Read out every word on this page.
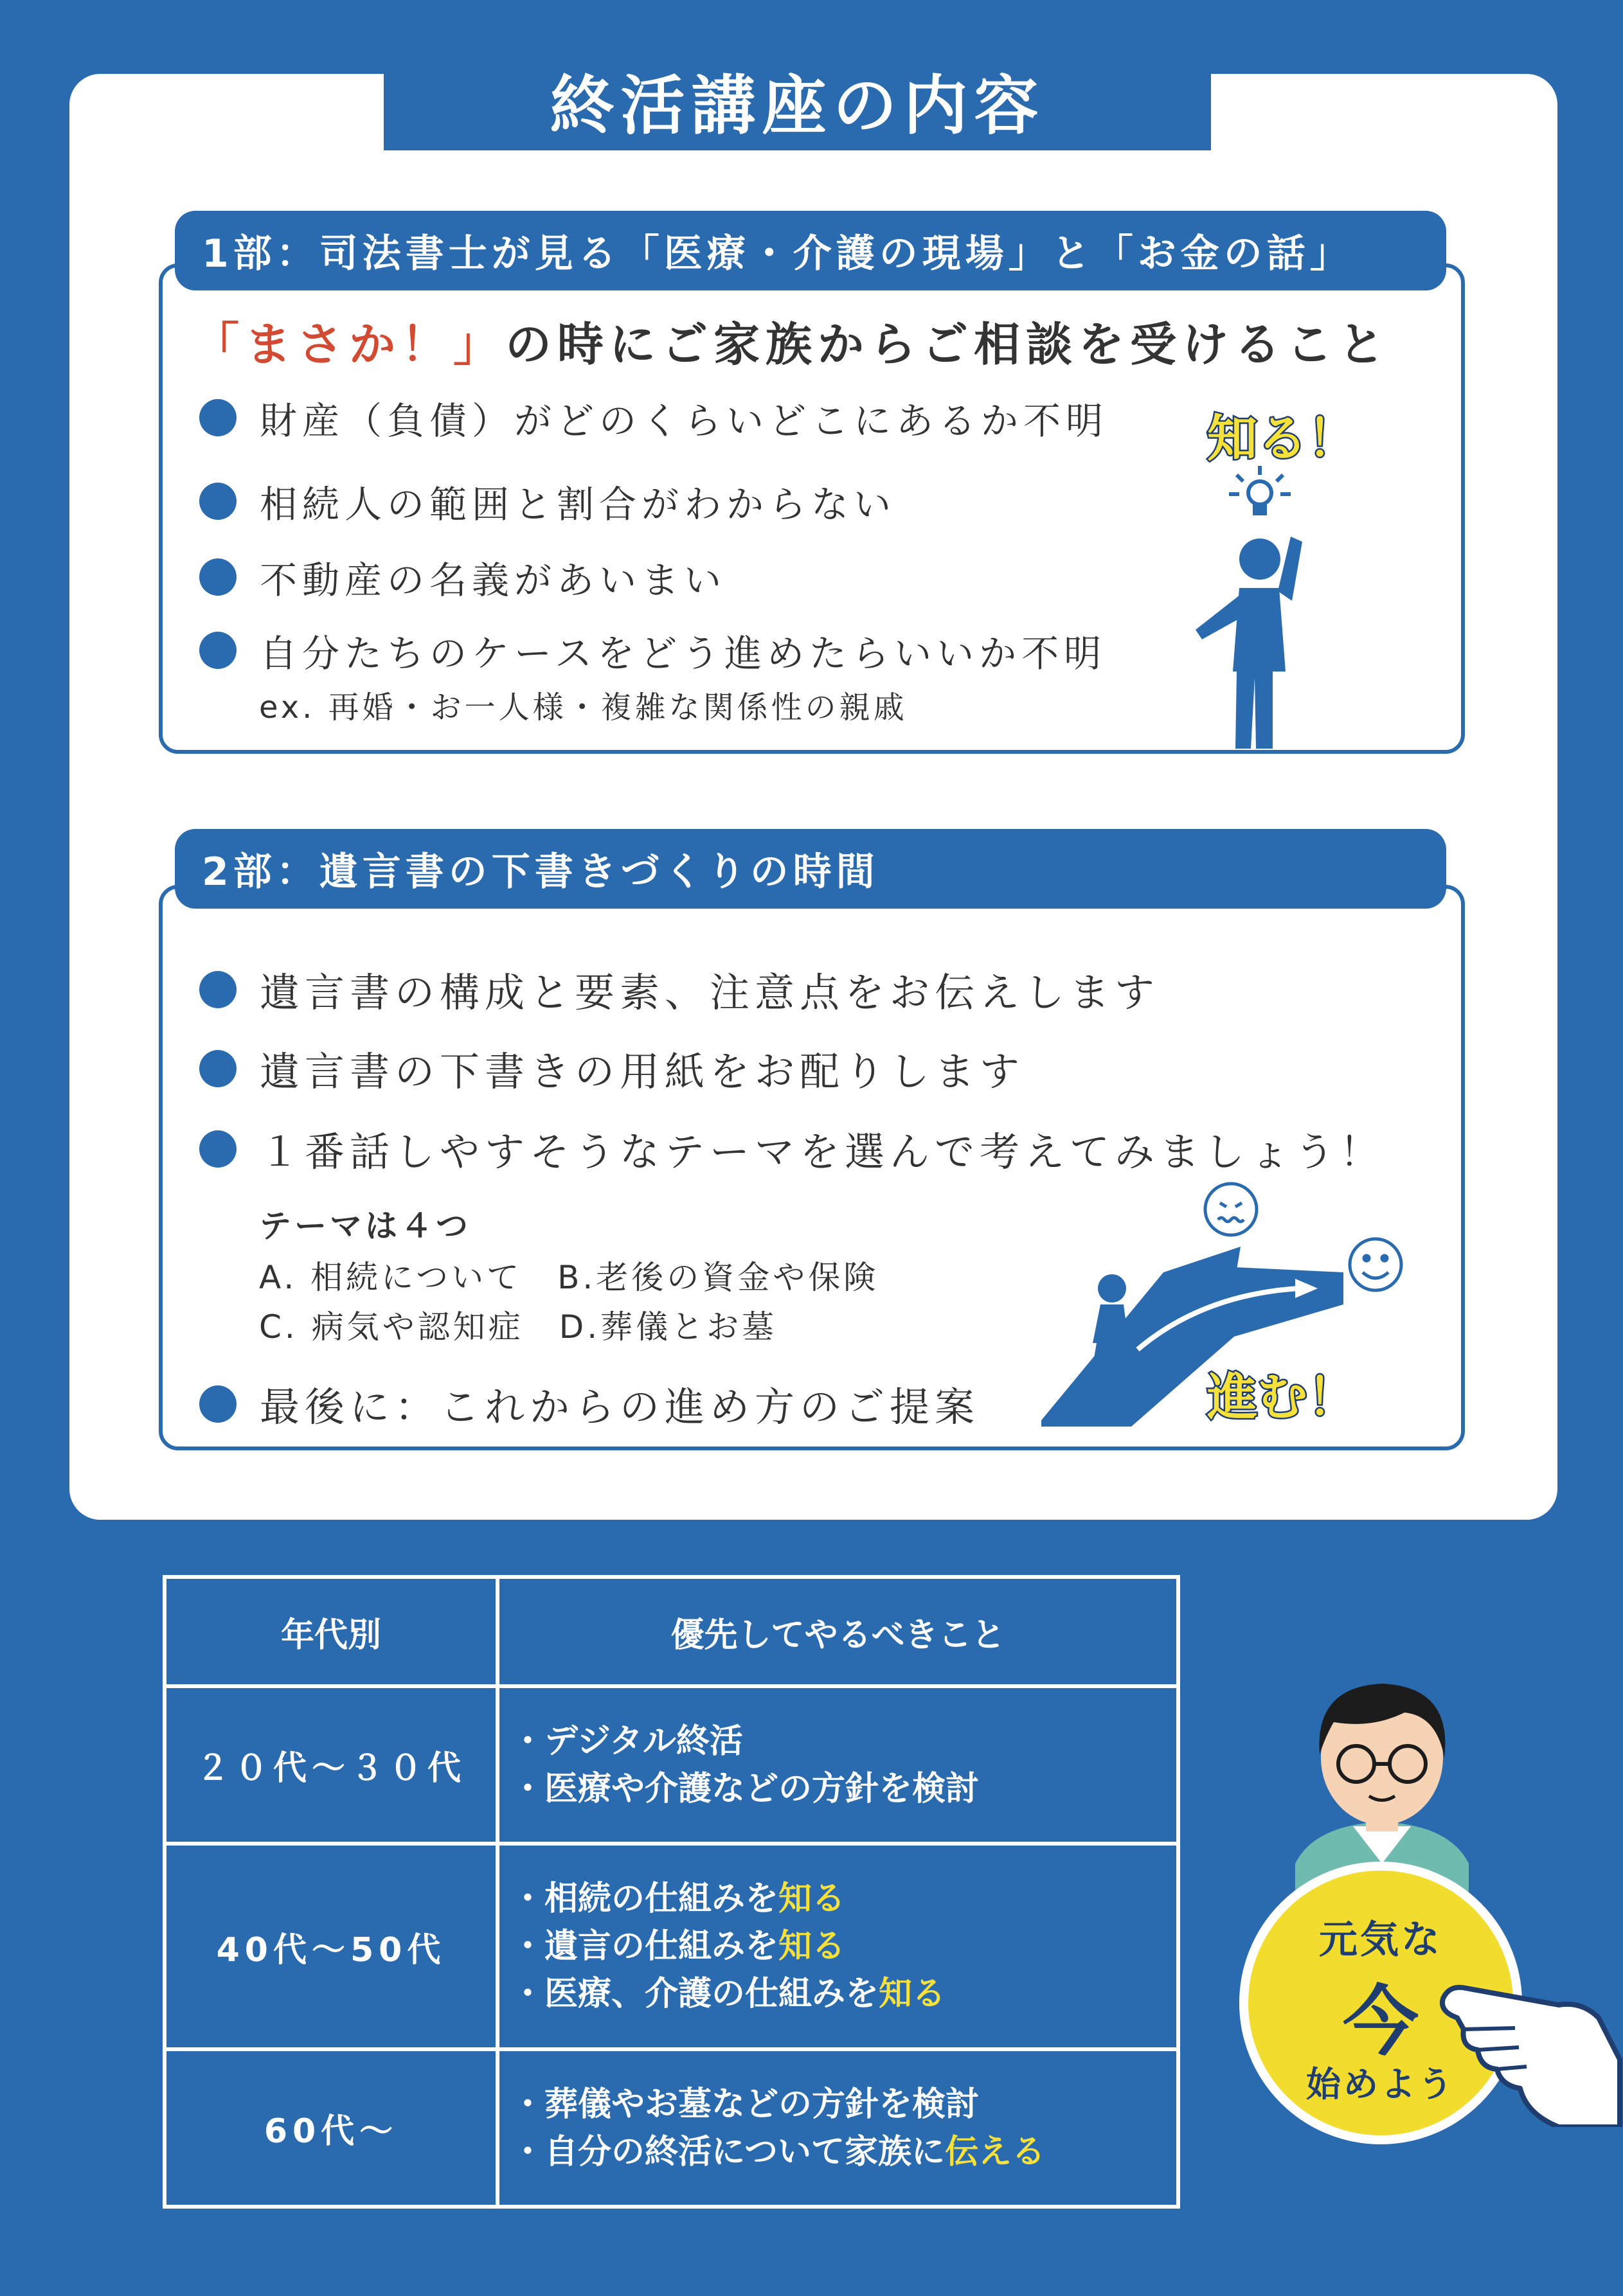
終活講座の内容
1部：司法書士が見る「医療・介護の現場」と「お金の話」
「まさか！」の時にご家族からご相談を受けること
財産（負債）がどのくらいどこにあるか不明
相続人の範囲と割合がわからない
不動産の名義があいまい
自分たちのケースをどう進めたらいいか不明
ex. 再婚・お一人様・複雑な関係性の親戚
知る！
2部：遺言書の下書きづくりの時間
遺言書の構成と要素、注意点をお伝えします
遺言書の下書きの用紙をお配りします
１番話しやすそうなテーマを選んで考えてみましょう！
テーマは４つ
A. 相続について　B.老後の資金や保険
C. 病気や認知症　D.葬儀とお墓
最後に：これからの進め方のご提案	進む！
年代別	優先してやるべきこと
２０代〜３０代	・デジタル終活
・医療や介護などの方針を検討

40代〜50代	・相続の仕組みを知る
・遺言の仕組みを知る
・医療、介護の仕組みを知る

60代〜	・葬儀やお墓などの方針を検討
・自分の終活について家族に伝える
元気な
今
始めよう
